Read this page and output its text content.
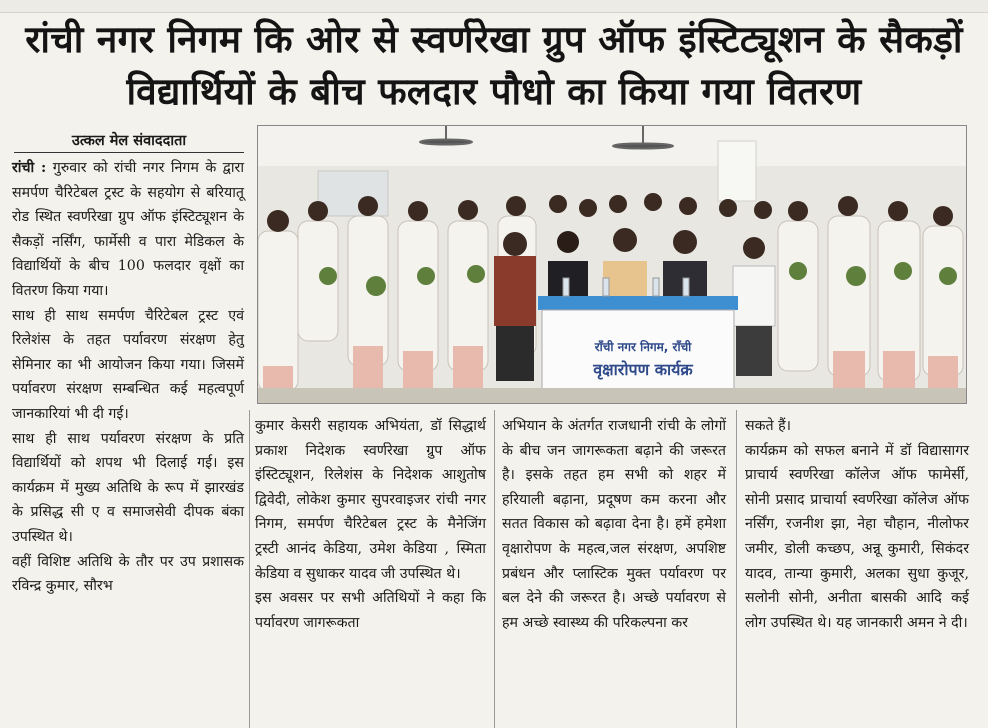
रांची नगर निगम कि ओर से स्वर्णरेखा ग्रुप ऑफ इंस्टिट्यूशन के सैकड़ों विद्यार्थियों के बीच फलदार पौधो का किया गया वितरण
उत्कल मेल संवाददाता
राँची नगर निगम, राँची
वृक्षारोपण कार्यक्र

रांची : गुरुवार को रांची नगर निगम के द्वारा समर्पण चैरिटेबल ट्रस्ट के सहयोग से बरियातू रोड स्थित स्वर्णरेखा ग्रुप ऑफ इंस्टिट्यूशन के सैकड़ों नर्सिंग, फार्मेसी व पारा मेडिकल के विद्यार्थियों के बीच 100 फलदार वृक्षों का वितरण किया गया।

साथ ही साथ समर्पण चैरिटेबल ट्रस्ट एवं रिलेशंस के तहत पर्यावरण संरक्षण हेतु सेमिनार का भी आयोजन किया गया। जिसमें पर्यावरण संरक्षण सम्बन्धित कई महत्वपूर्ण जानकारियां भी दी गई।

साथ ही साथ पर्यावरण संरक्षण के प्रति विद्यार्थियों को शपथ भी दिलाई गई। इस कार्यक्रम में मुख्य अतिथि के रूप में झारखंड के प्रसिद्ध सी ए व समाजसेवी दीपक बंका उपस्थित थे।

वहीं विशिष्ट अतिथि के तौर पर उप प्रशासक रविन्द्र कुमार, सौरभ

कुमार केसरी सहायक अभियंता, डॉ सिद्धार्थ प्रकाश निदेशक स्वर्णरेखा ग्रुप ऑफ इंस्टिट्यूशन, रिलेशंस के निदेशक आशुतोष द्विवेदी, लोकेश कुमार सुपरवाइजर रांची नगर निगम, समर्पण चैरिटेबल ट्रस्ट के मैनेजिंग ट्रस्टी आनंद केडिया, उमेश केडिया , स्मिता केडिया व सुधाकर यादव जी उपस्थित थे।

इस अवसर पर सभी अतिथियों ने कहा कि पर्यावरण जागरूकता

अभियान के अंतर्गत राजधानी रांची के लोगों के बीच जन जागरूकता बढ़ाने की जरूरत है। इसके तहत हम सभी को शहर में हरियाली बढ़ाना, प्रदूषण कम करना और सतत विकास को बढ़ावा देना है। हमें हमेशा वृक्षारोपण के महत्व,जल संरक्षण, अपशिष्ट प्रबंधन और प्लास्टिक मुक्त पर्यावरण पर बल देने की जरूरत है। अच्छे पर्यावरण से हम अच्छे स्वास्थ्य की परिकल्पना कर

सकते हैं।

कार्यक्रम को सफल बनाने में डॉ विद्यासागर प्राचार्य स्वर्णरेखा कॉलेज ऑफ फामेर्सी, सोनी प्रसाद प्राचार्या स्वर्णरेखा कॉलेज ऑफ नर्सिंग, रजनीश झा, नेहा चौहान, नीलोफर जमीर, डोली कच्छप, अन्नू कुमारी, सिकंदर यादव, तान्या कुमारी, अलका सुधा कुजूर, सलोनी सोनी, अनीता बासकी आदि कई लोग उपस्थित थे। यह जानकारी अमन ने दी।
